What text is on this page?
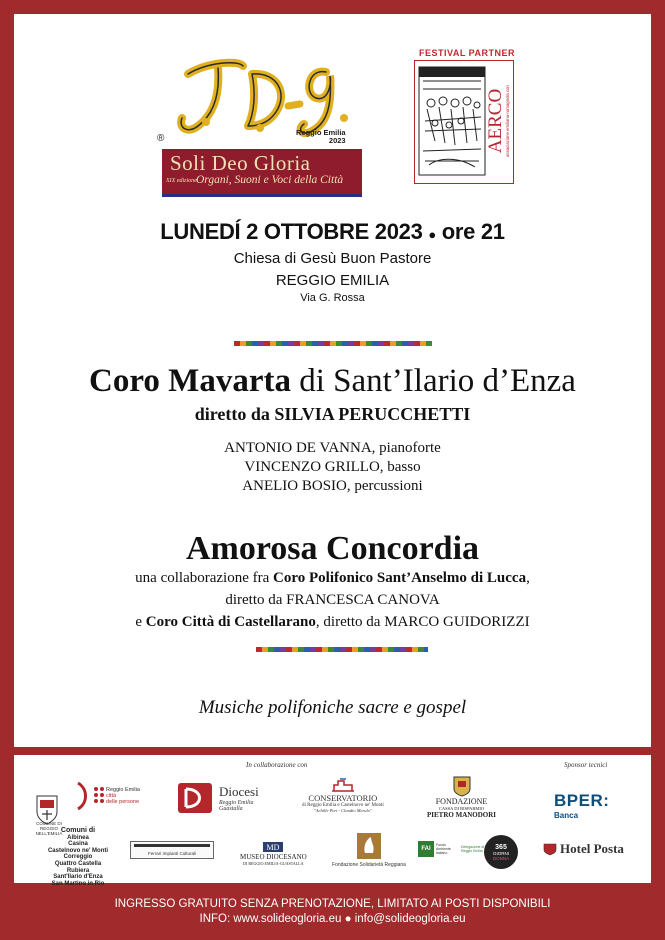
®
Reggio Emilia
2023
Soli Deo Gloria
XIX edizione Organi, Suoni e Voci della Città
FESTIVAL PARTNER
AERCO associazione emiliano-romagnola cori
LUNEDÍ 2 OTTOBRE 2023 ● ore 21
Chiesa di Gesù Buon Pastore
REGGIO EMILIA
Via G. Rossa
Coro Mavarta di Sant’Ilario d’Enza
diretto da SILVIA PERUCCHETTI
ANTONIO DE VANNA, pianoforte
VINCENZO GRILLO, basso
ANELIO BOSIO, percussioni
Amorosa Concordia
una collaborazione fra Coro Polifonico Sant’Anselmo di Lucca,
diretto da FRANCESCA CANOVA
e Coro Città di Castellarano, diretto da MARCO GUIDORIZZI
Musiche polifoniche sacre e gospel
In collaborazione con	Sponsor tecnici
COMUNE DI REGGIO NELL'EMILIA
Reggio Emilia
città
delle persone
Diocesi
Reggio Emilia
Guastalla
CONSERVATORIO
di Reggio Emilia e Castelnovo ne' Monti
"Achille Peri - Claudio Merulo"
FONDAZIONE
CASSA DI RISPARMIO
PIETRO MANODORI
BPER:
Banca
Comuni di
Albinea
Casina
Castelnovo ne' Monti
Correggio
Quattro Castella
Rubiera
Sant'Ilario d'Enza
San Martino in Rio
Ferrari Impianti Culturali
MD
MUSEO DIOCESANO
DI REGGIO EMILIA-GUASTALLA	Fondazione Solidarietà Reggiana
FAI
Fondo Ambiente Italiano
Delegazione di Reggio Emilia
365
GIORNI
DONNA
Hotel Posta
INGRESSO GRATUITO SENZA PRENOTAZIONE, LIMITATO AI POSTI DISPONIBILI
INFO: www.solideogloria.eu ● info@solideogloria.eu
